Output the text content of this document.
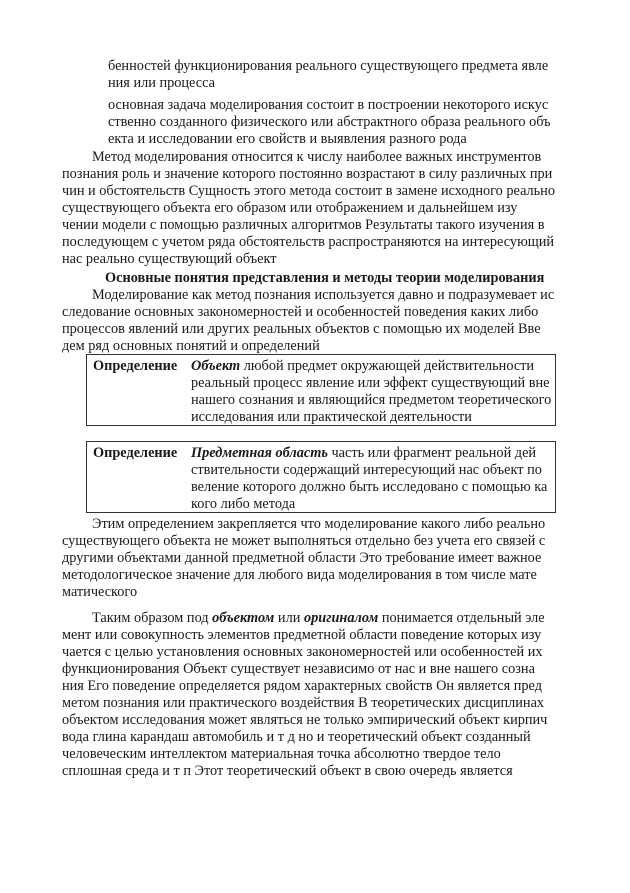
бенностей функционирования реального существующего предмета явле
ния или процесса
основная задача моделирования состоит в построении некоторого искус
ственно созданного физического или абстрактного образа реального объ
екта и исследовании его свойств и выявления разного рода
Метод моделирования относится к числу наиболее важных инструментов
познания роль и значение которого постоянно возрастают в силу различных при
чин и обстоятельств Сущность этого метода состоит в замене исходного реально
существующего объекта его образом или отображением и дальнейшем изу
чении модели с помощью различных алгоритмов Результаты такого изучения в
последующем с учетом ряда обстоятельств распространяются на интересующий
нас реально существующий объект
Основные понятия представления и методы теории моделирования
Моделирование как метод познания используется давно и подразумевает ис
следование основных закономерностей и особенностей поведения каких либо
процессов явлений или других реальных объектов с помощью их моделей Вве
дем ряд основных понятий и определений
Определение Объект любой предмет окружающей действительности
реальный процесс явление или эффект существующий вне
нашего сознания и являющийся предметом теоретического
исследования или практической деятельности
Определение Предметная область часть или фрагмент реальной дей
ствительности содержащий интересующий нас объект по
веление которого должно быть исследовано с помощью ка
кого либо метода
Этим определением закрепляется что моделирование какого либо реально
существующего объекта не может выполняться отдельно без учета его связей с
другими объектами данной предметной области Это требование имеет важное
методологическое значение для любого вида моделирования в том числе мате
матического
Таким образом под объектом или оригиналом понимается отдельный эле
мент или совокупность элементов предметной области поведение которых изу
чается с целью установления основных закономерностей или особенностей их
функционирования Объект существует независимо от нас и вне нашего созна
ния Его поведение определяется рядом характерных свойств Он является пред
метом познания или практического воздействия В теоретических дисциплинах
объектом исследования может являться не только эмпирический объект кирпич
вода глина карандаш автомобиль и т д но и теоретический объект созданный
человеческим интеллектом материальная точка абсолютно твердое тело
сплошная среда и т п Этот теоретический объект в свою очередь является
